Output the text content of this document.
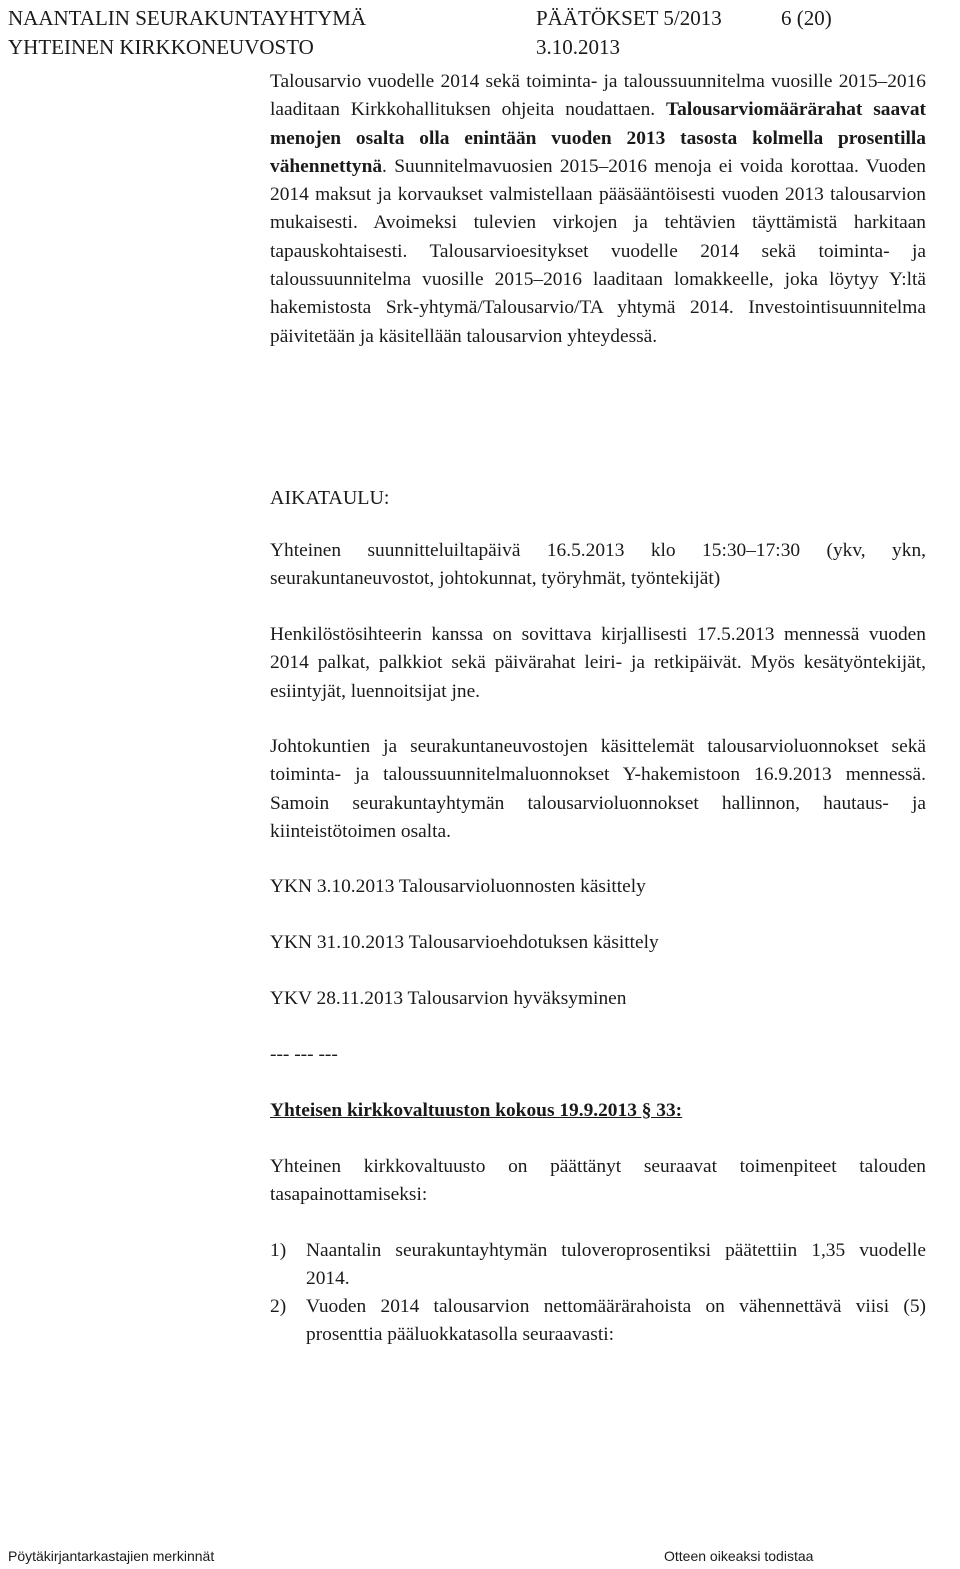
NAANTALIN SEURAKUNTAYHTYMÄ
YHTEINEN KIRKKONEUVOSTO
PÄÄTÖKSET 5/2013	6 (20)
3.10.2013
Talousarvio vuodelle 2014 sekä toiminta- ja taloussuunnitelma vuosille 2015–2016 laaditaan Kirkkohallituksen ohjeita noudattaen. Talousarviomäärärahat saavat menojen osalta olla enintään vuoden 2013 tasosta kolmella prosentilla vähennettynä. Suunnitelmavuosien 2015–2016 menoja ei voida korottaa. Vuoden 2014 maksut ja korvaukset valmistellaan pääsääntöisesti vuoden 2013 talousarvion mukaisesti. Avoimeksi tulevien virkojen ja tehtävien täyttämistä harkitaan tapauskohtaisesti. Talousarvioesitykset vuodelle 2014 sekä toiminta- ja taloussuunnitelma vuosille 2015–2016 laaditaan lomakkeelle, joka löytyy Y:ltä hakemistosta Srk-yhtymä/Talousarvio/TA yhtymä 2014. Investointisuunnitelma päivitetään ja käsitellään talousarvion yhteydessä.
AIKATAULU:
Yhteinen suunnitteluiltapäivä 16.5.2013 klo 15:30–17:30 (ykv, ykn, seurakuntaneuvostot, johtokunnat, työryhmät, työntekijät)
Henkilöstösihteerin kanssa on sovittava kirjallisesti 17.5.2013 mennessä vuoden 2014 palkat, palkkiot sekä päivärahat leiri- ja retkipäivät. Myös kesätyöntekijät, esiintyjät, luennoitsijat jne.
Johtokuntien ja seurakuntaneuvostojen käsittelemät talousarvioluonnokset sekä toiminta- ja taloussuunnitelmaluonnokset Y-hakemistoon 16.9.2013 mennessä. Samoin seurakuntayhtymän talousarvioluonnokset hallinnon, hautaus- ja kiinteistötoimen osalta.
YKN 3.10.2013 Talousarvioluonnosten käsittely
YKN 31.10.2013 Talousarvioehdotuksen käsittely
YKV 28.11.2013 Talousarvion hyväksyminen
--- --- ---
Yhteisen kirkkovaltuuston kokous 19.9.2013 § 33:
Yhteinen kirkkovaltuusto on päättänyt seuraavat toimenpiteet talouden tasapainottamiseksi:
1)	Naantalin seurakuntayhtymän tuloveroprosentiksi päätettiin 1,35 vuodelle 2014.
2)	Vuoden 2014 talousarvion nettomäärärahoista on vähennettävä viisi (5) prosenttia pääluokkatasolla seuraavasti:
Pöytäkirjantarkastajien merkinnät	Otteen oikeaksi todistaa
